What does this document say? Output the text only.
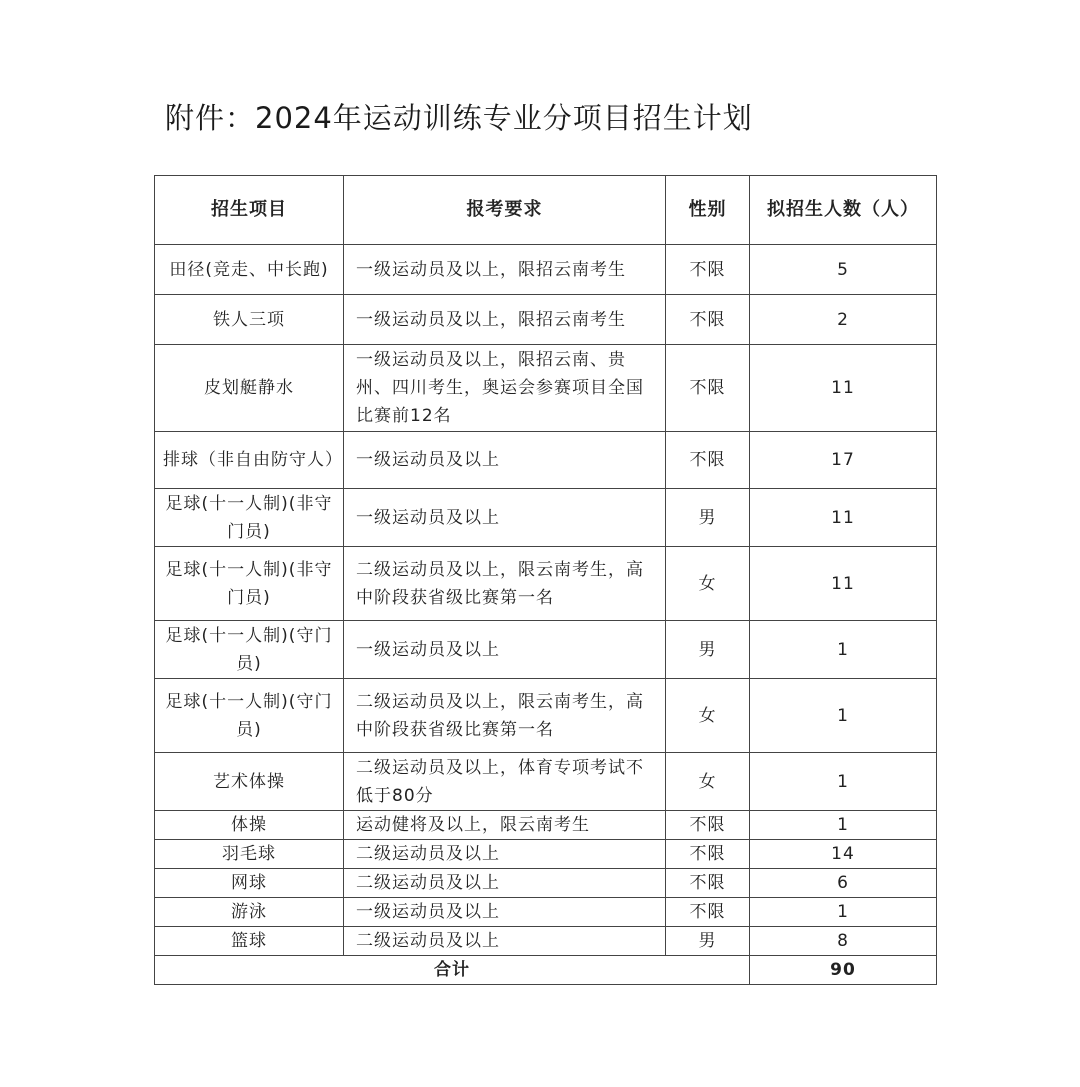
附件：2024年运动训练专业分项目招生计划
招生项目	报考要求	性别	拟招生人数（人）
田径(竞走、中长跑)	一级运动员及以上，限招云南考生	不限	5
铁人三项	一级运动员及以上，限招云南考生	不限	2
皮划艇静水	一级运动员及以上，限招云南、贵州、四川考生，奥运会参赛项目全国比赛前12名	不限	11
排球（非自由防守人）	一级运动员及以上	不限	17
足球(十一人制)(非守门员)	一级运动员及以上	男	11
足球(十一人制)(非守门员)	二级运动员及以上，限云南考生，高中阶段获省级比赛第一名	女	11
足球(十一人制)(守门员)	一级运动员及以上	男	1
足球(十一人制)(守门员)	二级运动员及以上，限云南考生，高中阶段获省级比赛第一名	女	1
艺术体操	二级运动员及以上，体育专项考试不低于80分	女	1
体操	运动健将及以上，限云南考生	不限	1
羽毛球	二级运动员及以上	不限	14
网球	二级运动员及以上	不限	6
游泳	一级运动员及以上	不限	1
篮球	二级运动员及以上	男	8
合计			90
